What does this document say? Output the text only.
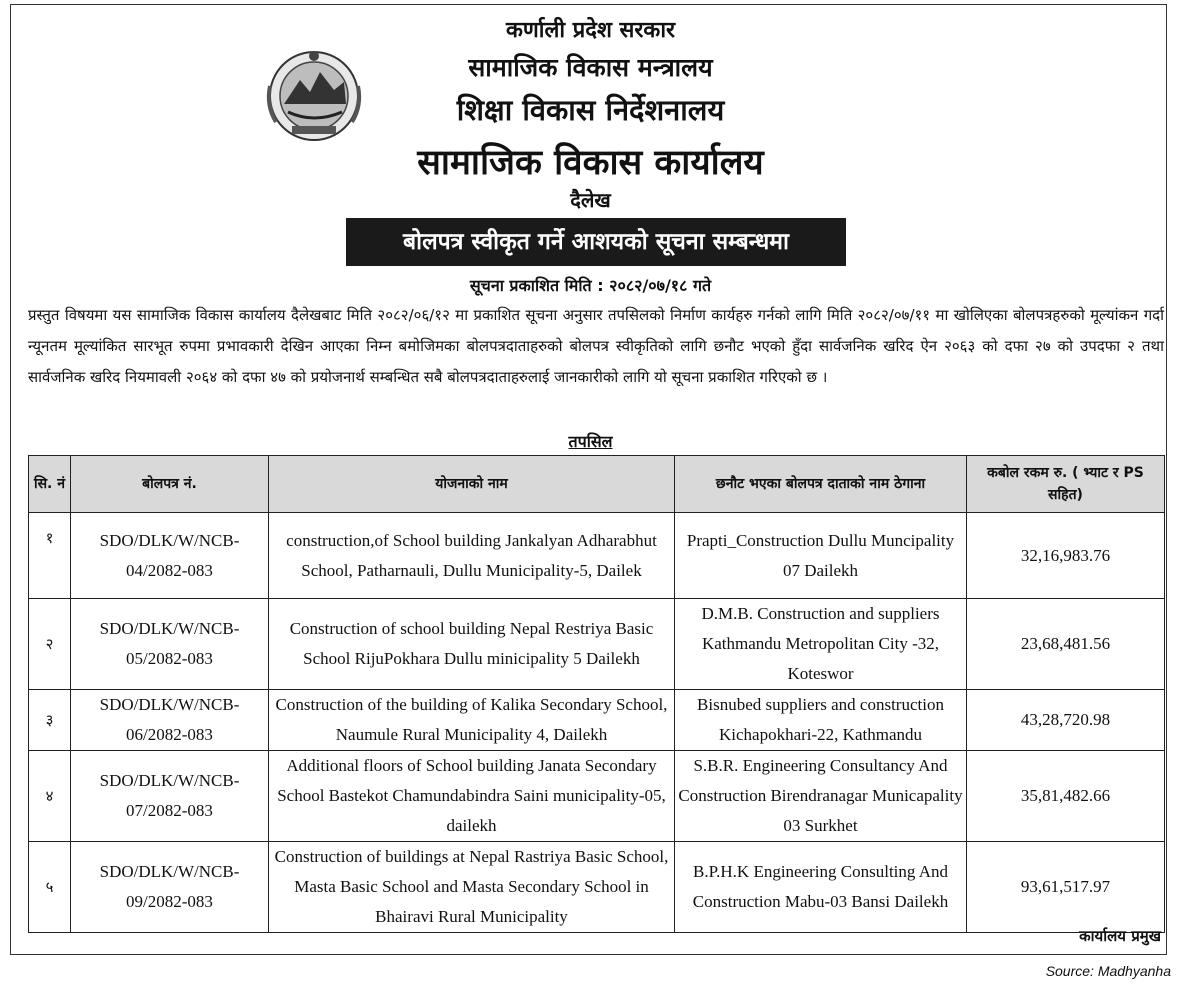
कर्णाली प्रदेश सरकार
सामाजिक विकास मन्त्रालय
शिक्षा विकास निर्देशनालय
सामाजिक विकास कार्यालय
दैलेख
बोलपत्र स्वीकृत गर्ने आशयको सूचना सम्बन्धमा
सूचना प्रकाशित मिति : २०८२/०७/१८ गते
प्रस्तुत विषयमा यस सामाजिक विकास कार्यालय दैलेखबाट मिति २०८२/०६/१२ मा प्रकाशित सूचना अनुसार तपसिलको निर्माण कार्यहरु गर्नको लागि मिति २०८२/०७/११ मा खोलिएका बोलपत्रहरुको मूल्यांकन गर्दा न्यूनतम मूल्यांकित सारभूत रुपमा प्रभावकारी देखिन आएका निम्न बमोजिमका बोलपत्रदाताहरुको बोलपत्र स्वीकृतिको लागि छनौट भएको हुँदा सार्वजनिक खरिद ऐन २०६३ को दफा २७ को उपदफा २ तथा सार्वजनिक खरिद नियमावली २०६४ को दफा ४७ को प्रयोजनार्थ सम्बन्धित सबै बोलपत्रदाताहरुलाई जानकारीको लागि यो सूचना प्रकाशित गरिएको छ ।
तपसिल
सि. नं	बोलपत्र नं.	योजनाको नाम	छनौट भएका बोलपत्र दाताको नाम ठेगाना	कबोल रकम रु. ( भ्याट र PS सहित)
१	SDO/DLK/W/NCB-04/2082-083	construction,of School building Jankalyan Adharabhut School, Patharnauli, Dullu Municipality-5, Dailek	Prapti_Construction Dullu Muncipality 07 Dailekh	32,16,983.76
२	SDO/DLK/W/NCB-05/2082-083	Construction of school building Nepal Restriya Basic School RijuPokhara Dullu minicipality 5 Dailekh	D.M.B. Construction and suppliers Kathmandu Metropolitan City -32, Koteswor	23,68,481.56
३	SDO/DLK/W/NCB-06/2082-083	Construction of the building of Kalika Secondary School, Naumule Rural Municipality 4, Dailekh	Bisnubed suppliers and construction Kichapokhari-22, Kathmandu	43,28,720.98
४	SDO/DLK/W/NCB-07/2082-083	Additional floors of School building Janata Secondary School Bastekot Chamundabindra Saini municipality-05, dailekh	S.B.R. Engineering Consultancy And Construction Birendranagar Municapality 03 Surkhet	35,81,482.66
५	SDO/DLK/W/NCB-09/2082-083	Construction of buildings at Nepal Rastriya Basic School, Masta Basic School and Masta Secondary School in Bhairavi Rural Municipality	B.P.H.K Engineering Consulting And Construction Mabu-03 Bansi Dailekh	93,61,517.97
कार्यालय प्रमुख
Source: Madhyanha
